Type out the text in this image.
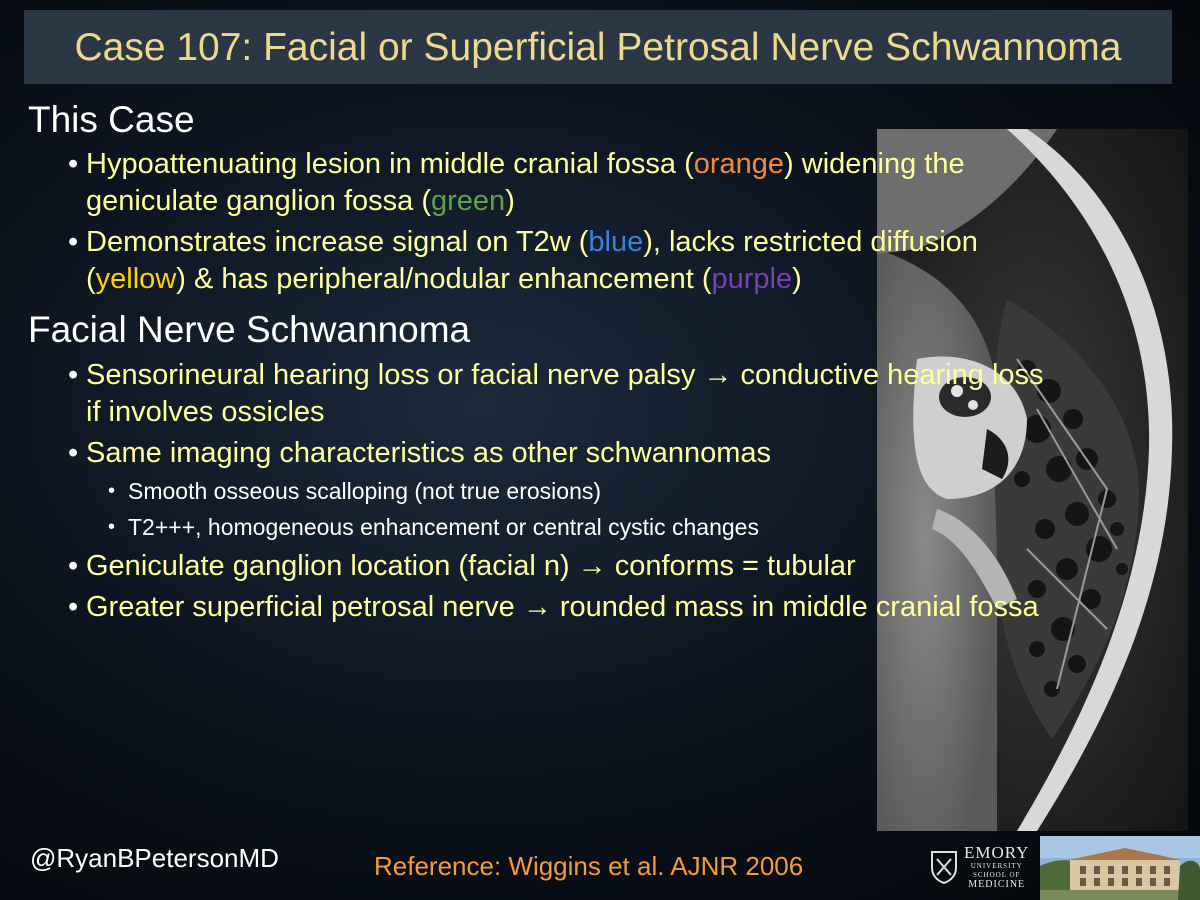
Case 107: Facial or Superficial Petrosal Nerve Schwannoma
This Case
• Hypoattenuating lesion in middle cranial fossa (orange) widening the geniculate ganglion fossa (green)
• Demonstrates increase signal on T2w (blue), lacks restricted diffusion (yellow) & has peripheral/nodular enhancement (purple)
Facial Nerve Schwannoma
• Sensorineural hearing loss or facial nerve palsy → conductive hearing loss if involves ossicles
• Same imaging characteristics as other schwannomas
• Smooth osseous scalloping (not true erosions)
• T2+++, homogeneous enhancement or central cystic changes
• Geniculate ganglion location (facial n) → conforms = tubular
• Greater superficial petrosal nerve → rounded mass in middle cranial fossa
@RyanBPetersonMD	Reference: Wiggins et al. AJNR 2006	EMORY
UNIVERSITY
SCHOOL OF
MEDICINE
